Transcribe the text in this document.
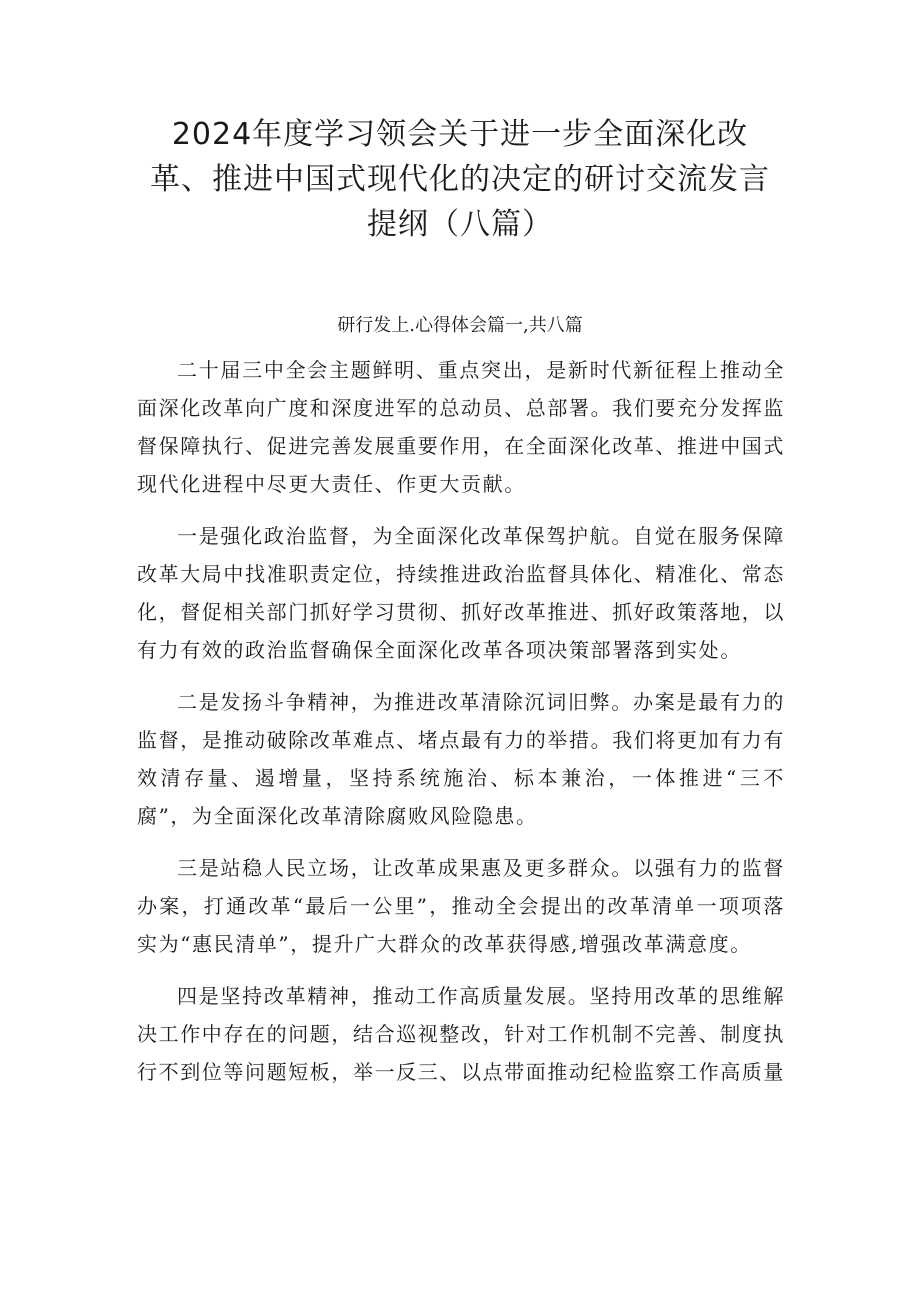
2024年度学习领会关于进一步全面深化改革、推进中国式现代化的决定的研讨交流发言提纲（八篇）

研行发上.心得体会篇一,共八篇

二十届三中全会主题鲜明、重点突出，是新时代新征程上推动全面深化改革向广度和深度进军的总动员、总部署。我们要充分发挥监督保障执行、促进完善发展重要作用，在全面深化改革、推进中国式现代化进程中尽更大责任、作更大贡献。

一是强化政治监督，为全面深化改革保驾护航。自觉在服务保障改革大局中找准职责定位，持续推进政治监督具体化、精准化、常态化，督促相关部门抓好学习贯彻、抓好改革推进、抓好政策落地，以有力有效的政治监督确保全面深化改革各项决策部署落到实处。

二是发扬斗争精神，为推进改革清除沉词旧弊。办案是最有力的监督，是推动破除改革难点、堵点最有力的举措。我们将更加有力有效清存量、遏增量，坚持系统施治、标本兼治，一体推进“三不腐”，为全面深化改革清除腐败风险隐患。

三是站稳人民立场，让改革成果惠及更多群众。以强有力的监督办案，打通改革“最后一公里”，推动全会提出的改革清单一项项落实为“惠民清单”，提升广大群众的改革获得感,增强改革满意度。

四是坚持改革精神，推动工作高质量发展。坚持用改革的思维解决工作中存在的问题，结合巡视整改，针对工作机制不完善、制度执行不到位等问题短板，举一反三、以点带面推动纪检监察工作高质量
